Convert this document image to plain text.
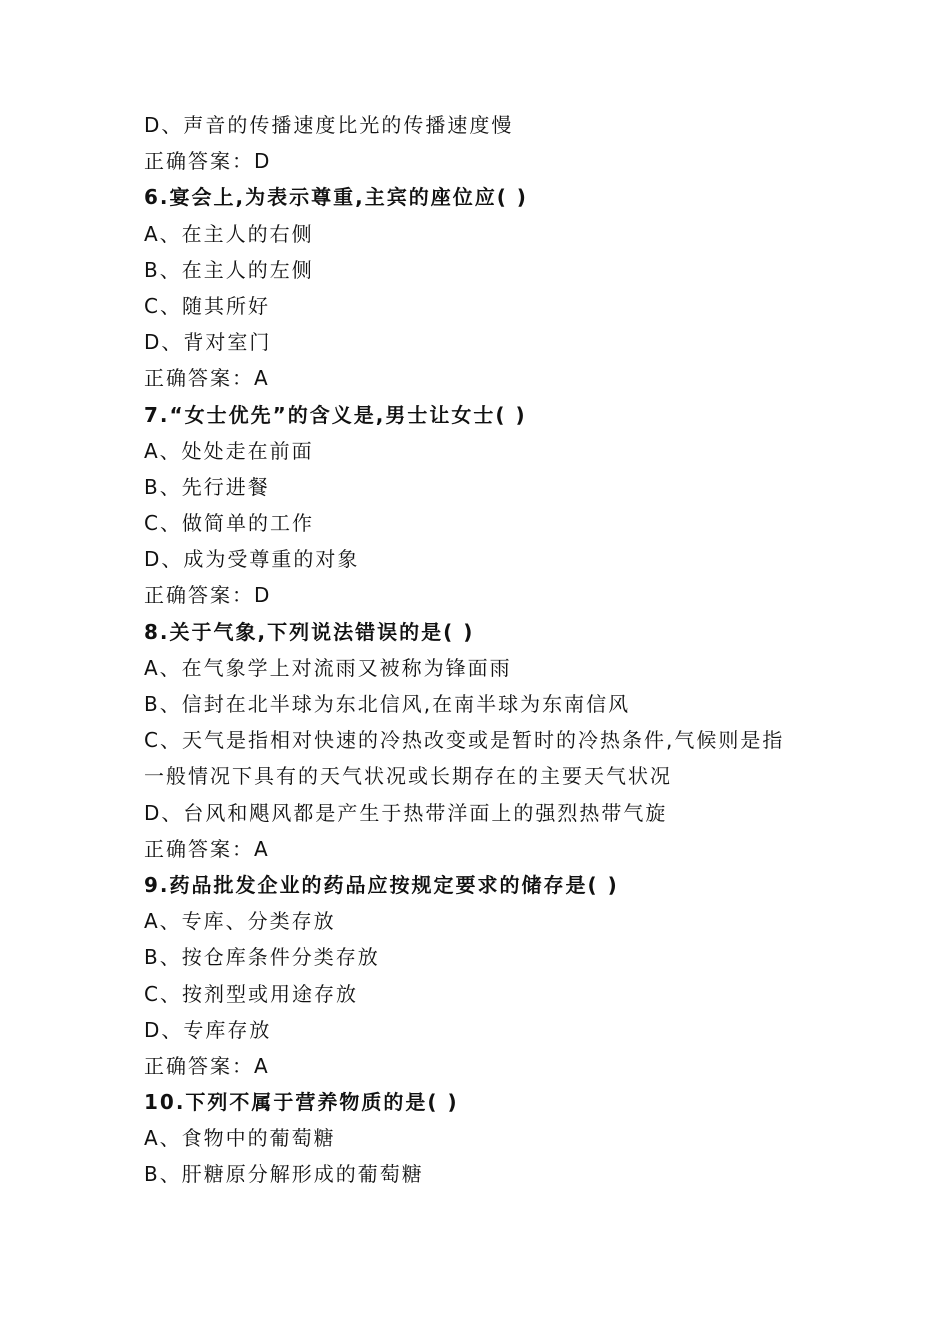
D、声音的传播速度比光的传播速度慢
正确答案：D
6.宴会上,为表示尊重,主宾的座位应( )
A、在主人的右侧
B、在主人的左侧
C、随其所好
D、背对室门
正确答案：A
7.“女士优先”的含义是,男士让女士( )
A、处处走在前面
B、先行进餐
C、做简单的工作
D、成为受尊重的对象
正确答案：D
8.关于气象,下列说法错误的是( )
A、在气象学上对流雨又被称为锋面雨
B、信封在北半球为东北信风,在南半球为东南信风
C、天气是指相对快速的冷热改变或是暂时的冷热条件,气候则是指
一般情况下具有的天气状况或长期存在的主要天气状况
D、台风和飓风都是产生于热带洋面上的强烈热带气旋
正确答案：A
9.药品批发企业的药品应按规定要求的储存是( )
A、专库、分类存放
B、按仓库条件分类存放
C、按剂型或用途存放
D、专库存放
正确答案：A
10.下列不属于营养物质的是( )
A、食物中的葡萄糖
B、肝糖原分解形成的葡萄糖
